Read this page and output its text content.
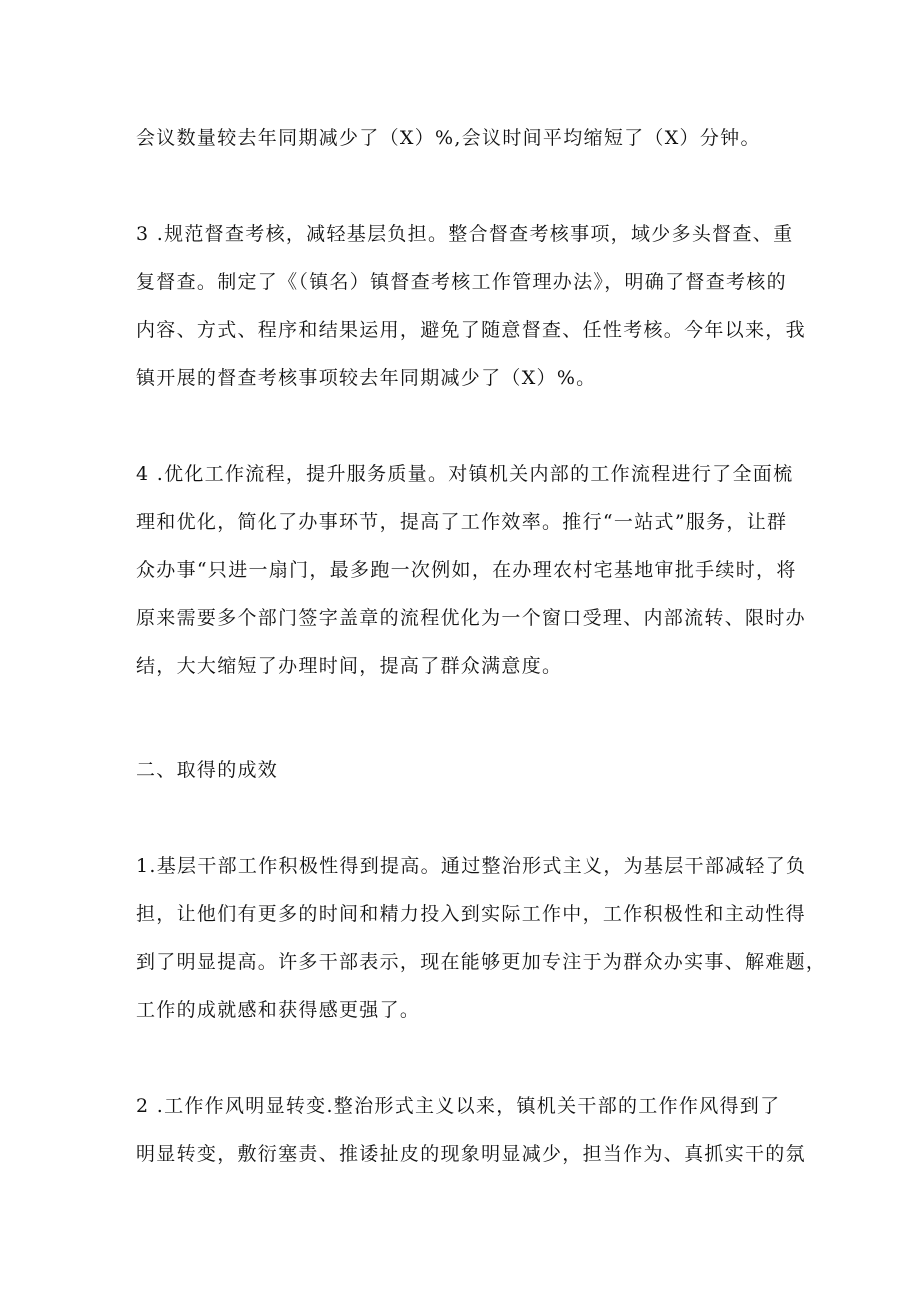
会议数量较去年同期减少了（X）%,会议时间平均缩短了（X）分钟。
3 .规范督查考核，减轻基层负担。整合督查考核事项，域少多头督查、重
复督查。制定了《（镇名）镇督查考核工作管理办法》，明确了督查考核的
内容、方式、程序和结果运用，避免了随意督查、任性考核。今年以来，我
镇开展的督查考核事项较去年同期减少了（X）%。
4 .优化工作流程，提升服务质量。对镇机关内部的工作流程进行了全面梳
理和优化，简化了办事环节，提高了工作效率。推行“一站式”服务，让群
众办事“只进一扇门，最多跑一次例如，在办理农村宅基地审批手续时，将
原来需要多个部门签字盖章的流程优化为一个窗口受理、内部流转、限时办
结，大大缩短了办理时间，提高了群众满意度。
二、取得的成效
1.基层干部工作积极性得到提高。通过整治形式主义，为基层干部减轻了负
担，让他们有更多的时间和精力投入到实际工作中，工作积极性和主动性得
到了明显提高。许多干部表示，现在能够更加专注于为群众办实事、解难题，
工作的成就感和获得感更强了。
2 .工作作风明显转变.整治形式主义以来，镇机关干部的工作作风得到了
明显转变，敷衍塞责、推诿扯皮的现象明显减少，担当作为、真抓实干的氛
